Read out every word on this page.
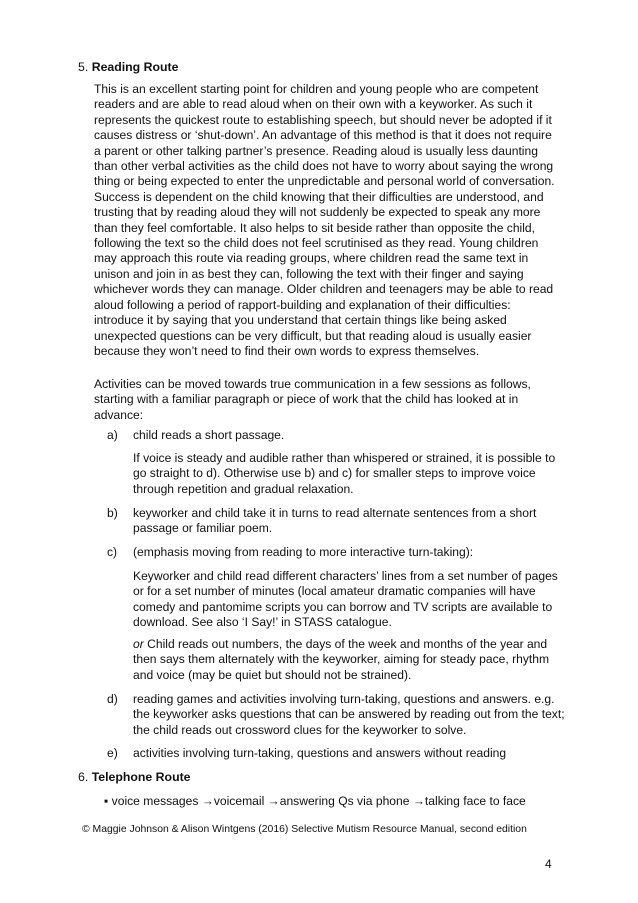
5. Reading Route

This is an excellent starting point for children and young people who are competent readers and are able to read aloud when on their own with a keyworker. As such it represents the quickest route to establishing speech, but should never be adopted if it causes distress or ‘shut-down’. An advantage of this method is that it does not require a parent or other talking partner’s presence. Reading aloud is usually less daunting than other verbal activities as the child does not have to worry about saying the wrong thing or being expected to enter the unpredictable and personal world of conversation. Success is dependent on the child knowing that their difficulties are understood, and trusting that by reading aloud they will not suddenly be expected to speak any more than they feel comfortable. It also helps to sit beside rather than opposite the child, following the text so the child does not feel scrutinised as they read. Young children may approach this route via reading groups, where children read the same text in unison and join in as best they can, following the text with their finger and saying whichever words they can manage. Older children and teenagers may be able to read aloud following a period of rapport-building and explanation of their difficulties: introduce it by saying that you understand that certain things like being asked unexpected questions can be very difficult, but that reading aloud is usually easier because they won’t need to find their own words to express themselves.

Activities can be moved towards true communication in a few sessions as follows, starting with a familiar paragraph or piece of work that the child has looked at in advance:

a) child reads a short passage.

If voice is steady and audible rather than whispered or strained, it is possible to go straight to d). Otherwise use b) and c) for smaller steps to improve voice through repetition and gradual relaxation.

b) keyworker and child take it in turns to read alternate sentences from a short passage or familiar poem.
c) (emphasis moving from reading to more interactive turn-taking):

Keyworker and child read different characters’ lines from a set number of pages or for a set number of minutes (local amateur dramatic companies will have comedy and pantomime scripts you can borrow and TV scripts are available to download. See also ‘I Say!’ in STASS catalogue.

or Child reads out numbers, the days of the week and months of the year and then says them alternately with the keyworker, aiming for steady pace, rhythm and voice (may be quiet but should not be strained).

d) reading games and activities involving turn-taking, questions and answers. e.g. the keyworker asks questions that can be answered by reading out from the text; the child reads out crossword clues for the keyworker to solve.
e) activities involving turn-taking, questions and answers without reading
6. Telephone Route
▪ voice messages →voicemail →answering Qs via phone →talking face to face
© Maggie Johnson & Alison Wintgens (2016) Selective Mutism Resource Manual, second edition
4
